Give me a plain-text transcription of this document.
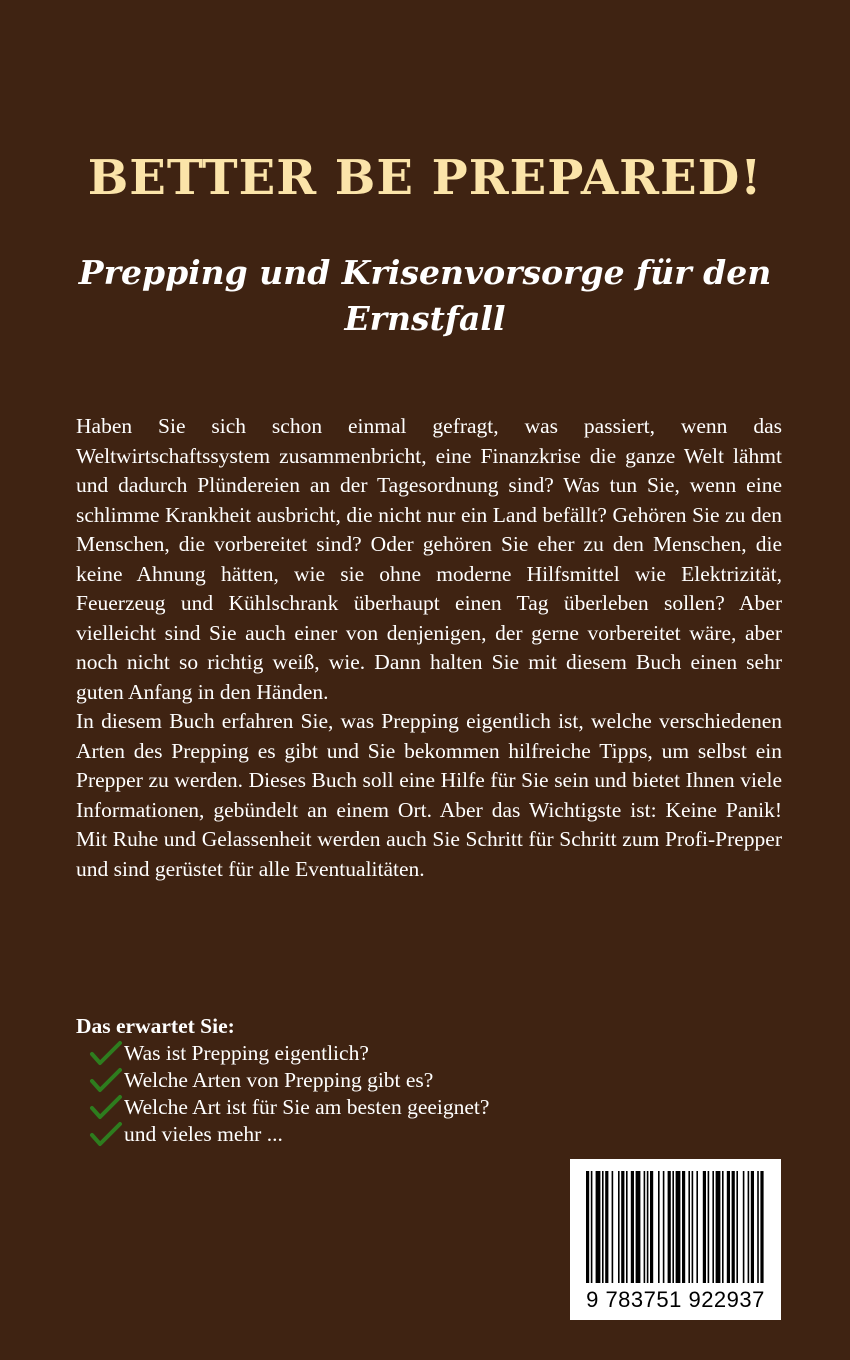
BETTER BE PREPARED!
Prepping und Krisenvorsorge für den Ernstfall

Haben Sie sich schon einmal gefragt, was passiert, wenn das Weltwirtschaftssystem zusammenbricht, eine Finanzkrise die ganze Welt lähmt und dadurch Plündereien an der Tagesordnung sind? Was tun Sie, wenn eine schlimme Krankheit ausbricht, die nicht nur ein Land befällt? Gehören Sie zu den Menschen, die vorbereitet sind? Oder gehören Sie eher zu den Menschen, die keine Ahnung hätten, wie sie ohne moderne Hilfsmittel wie Elektrizität, Feuerzeug und Kühlschrank überhaupt einen Tag überleben sollen? Aber vielleicht sind Sie auch einer von denjenigen, der gerne vorbereitet wäre, aber noch nicht so richtig weiß, wie. Dann halten Sie mit diesem Buch einen sehr guten Anfang in den Händen.

In diesem Buch erfahren Sie, was Prepping eigentlich ist, welche verschiedenen Arten des Prepping es gibt und Sie bekommen hilfreiche Tipps, um selbst ein Prepper zu werden. Dieses Buch soll eine Hilfe für Sie sein und bietet Ihnen viele Informationen, gebündelt an einem Ort. Aber das Wichtigste ist: Keine Panik! Mit Ruhe und Gelassenheit werden auch Sie Schritt für Schritt zum Profi-Prepper und sind gerüstet für alle Eventualitäten.

Das erwartet Sie:

Was ist Prepping eigentlich?
Welche Arten von Prepping gibt es?
Welche Art ist für Sie am besten geeignet?
und vieles mehr ...
9 783751 922937
